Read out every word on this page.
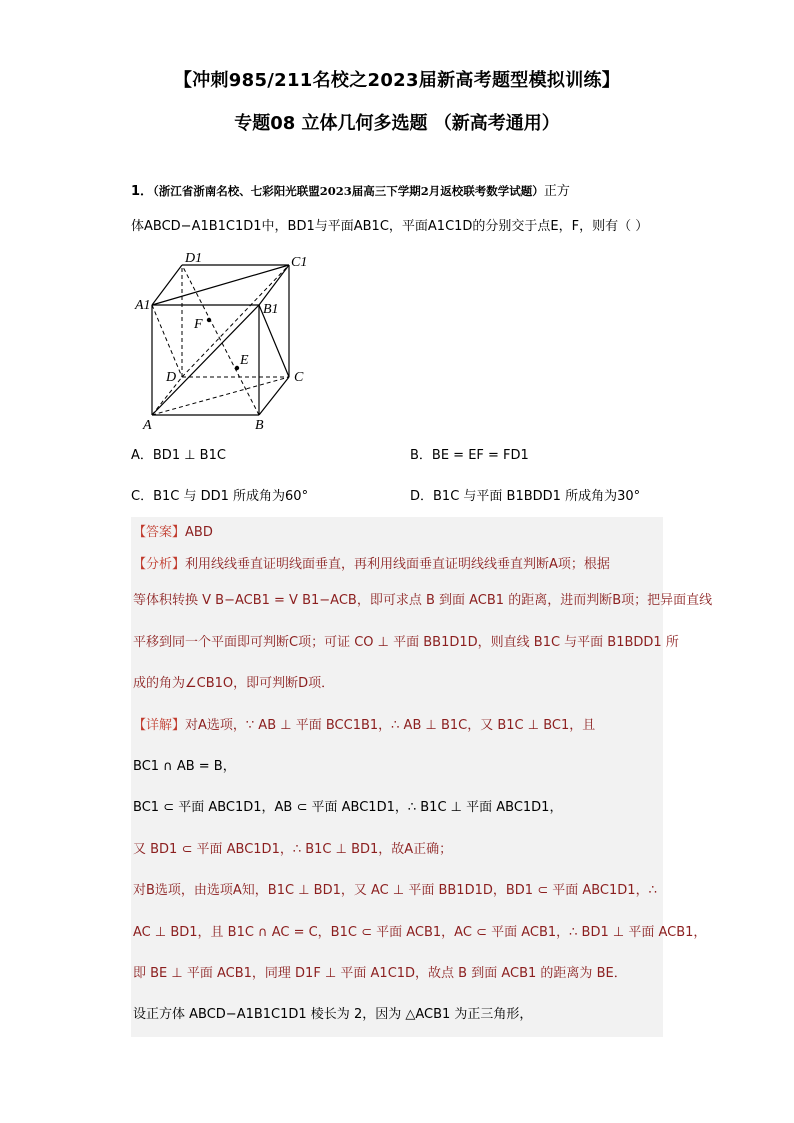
【冲刺985/211名校之2023届新高考题型模拟训练】
专题08 立体几何多选题 （新高考通用）
1．（浙江省浙南名校、七彩阳光联盟2023届高三下学期2月返校联考数学试题）正方
体ABCD−A1B1C1D1中，BD1与平面AB1C，平面A1C1D的分别交于点E，F，则有（ ）
A	B
C
D
A1	B1
C1
D1
E
F
A．BD1 ⊥ B1C	B．BE = EF = FD1
C．B1C 与 DD1 所成角为60°	D．B1C 与平面 B1BDD1 所成角为30°
【答案】ABD
【分析】利用线线垂直证明线面垂直，再利用线面垂直证明线线垂直判断A项；根据
等体积转换 V B−ACB1 = V B1−ACB，即可求点 B 到面 ACB1 的距离，进而判断B项；把异面直线
平移到同一个平面即可判断C项；可证 CO ⊥ 平面 BB1D1D，则直线 B1C 与平面 B1BDD1 所
成的角为∠CB1O，即可判断D项．
【详解】对A选项，∵ AB ⊥ 平面 BCC1B1，∴ AB ⊥ B1C，又 B1C ⊥ BC1，且
BC1 ∩ AB = B，
BC1 ⊂ 平面 ABC1D1，AB ⊂ 平面 ABC1D1，∴ B1C ⊥ 平面 ABC1D1，
又 BD1 ⊂ 平面 ABC1D1，∴ B1C ⊥ BD1，故A正确；
对B选项，由选项A知，B1C ⊥ BD1，又 AC ⊥ 平面 BB1D1D，BD1 ⊂ 平面 ABC1D1，∴
AC ⊥ BD1，且 B1C ∩ AC = C，B1C ⊂ 平面 ACB1，AC ⊂ 平面 ACB1，∴ BD1 ⊥ 平面 ACB1，
即 BE ⊥ 平面 ACB1，同理 D1F ⊥ 平面 A1C1D，故点 B 到面 ACB1 的距离为 BE．
设正方体 ABCD−A1B1C1D1 棱长为 2，因为 △ACB1 为正三角形，
